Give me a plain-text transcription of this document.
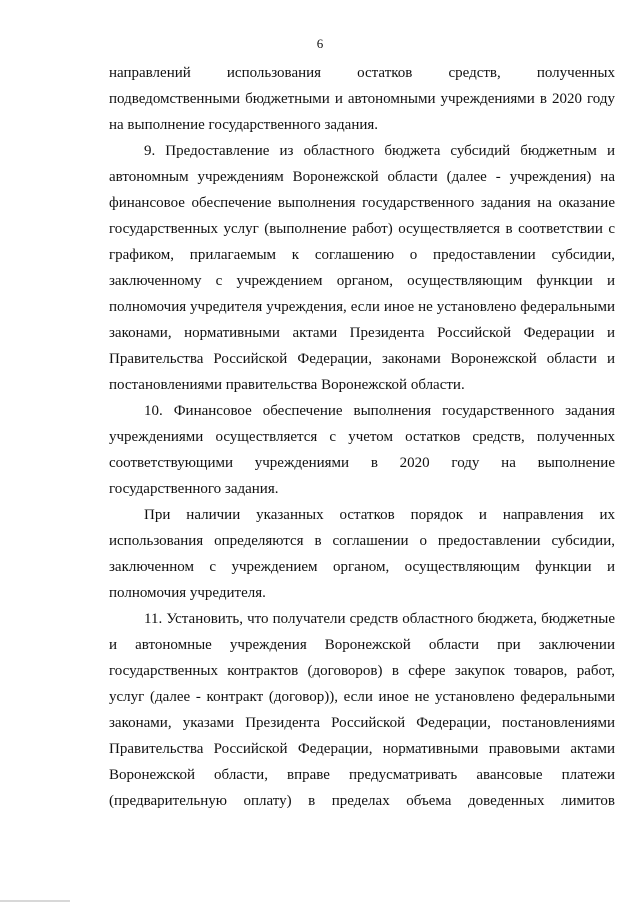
6

направлений использования остатков средств, полученных подведомственными бюджетными и автономными учреждениями в 2020 году на выполнение государственного задания.

9. Предоставление из областного бюджета субсидий бюджетным и автономным учреждениям Воронежской области (далее - учреждения) на финансовое обеспечение выполнения государственного задания на оказание государственных услуг (выполнение работ) осуществляется в соответствии с графиком, прилагаемым к соглашению о предоставлении субсидии, заключенному с учреждением органом, осуществляющим функции и полномочия учредителя учреждения, если иное не установлено федеральными законами, нормативными актами Президента Российской Федерации и Правительства Российской Федерации, законами Воронежской области и постановлениями правительства Воронежской области.

10. Финансовое обеспечение выполнения государственного задания учреждениями осуществляется с учетом остатков средств, полученных соответствующими учреждениями в 2020 году на выполнение государственного задания.

При наличии указанных остатков порядок и направления их использования определяются в соглашении о предоставлении субсидии, заключенном с учреждением органом, осуществляющим функции и полномочия учредителя.

11. Установить, что получатели средств областного бюджета, бюджетные и автономные учреждения Воронежской области при заключении государственных контрактов (договоров) в сфере закупок товаров, работ, услуг (далее - контракт (договор)), если иное не установлено федеральными законами, указами Президента Российской Федерации, постановлениями Правительства Российской Федерации, нормативными правовыми актами Воронежской области, вправе предусматривать авансовые платежи (предварительную оплату) в пределах объема доведенных лимитов
